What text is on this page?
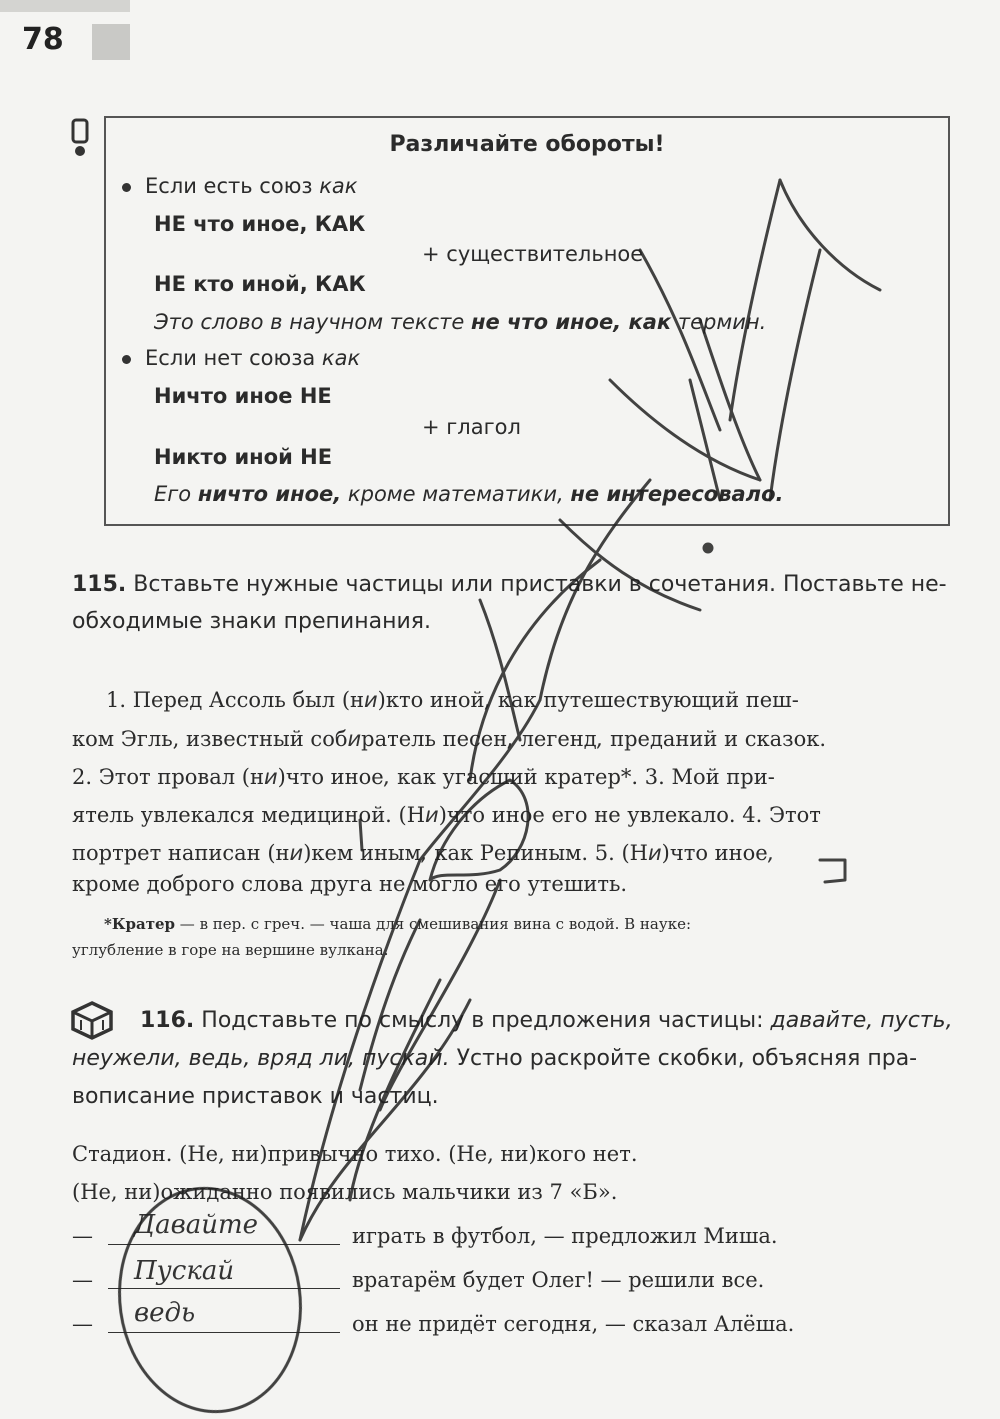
78
Различайте обороты!
Если есть союз как
НЕ что иное, КАК
+ существительное
НЕ кто иной, КАК
Это слово в научном тексте не что иное, как термин.
Если нет союза как
Ничто иное НЕ
+ глагол
Никто иной НЕ
Его ничто иное, кроме математики, не интересовало.
115. Вставьте нужные частицы или приставки в сочетания. Поставьте не-
обходимые знаки препинания.
1. Перед Ассоль был (ни)кто иной, как путешествующий пеш-
ком Эгль, известный собиратель песен, легенд, преданий и сказок.
2. Этот провал (ни)что иное, как угасший кратер*. 3. Мой при-
ятель увлекался медициной. (Ни)что иное его не увлекало. 4. Этот
портрет написан (ни)кем иным, как Репиным. 5. (Ни)что иное,
кроме доброго слова друга не могло его утешить.
*Кратер — в пер. с греч. — чаша для смешивания вина с водой. В науке:
углубление в горе на вершине вулкана.
116. Подставьте по смыслу в предложения частицы: давайте, пусть,
неужели, ведь, вряд ли, пускай. Устно раскройте скобки, объясняя пра-
вописание приставок и частиц.
Стадион. (Не, ни)привычно тихо. (Не, ни)кого нет.
(Не, ни)ожиданно появились мальчики из 7 «Б».
— Давайте	играть в футбол, — предложил Миша.
— Пускай	вратарём будет Олег! — решили все.
— ведь	он не придёт сегодня, — сказал Алёша.
